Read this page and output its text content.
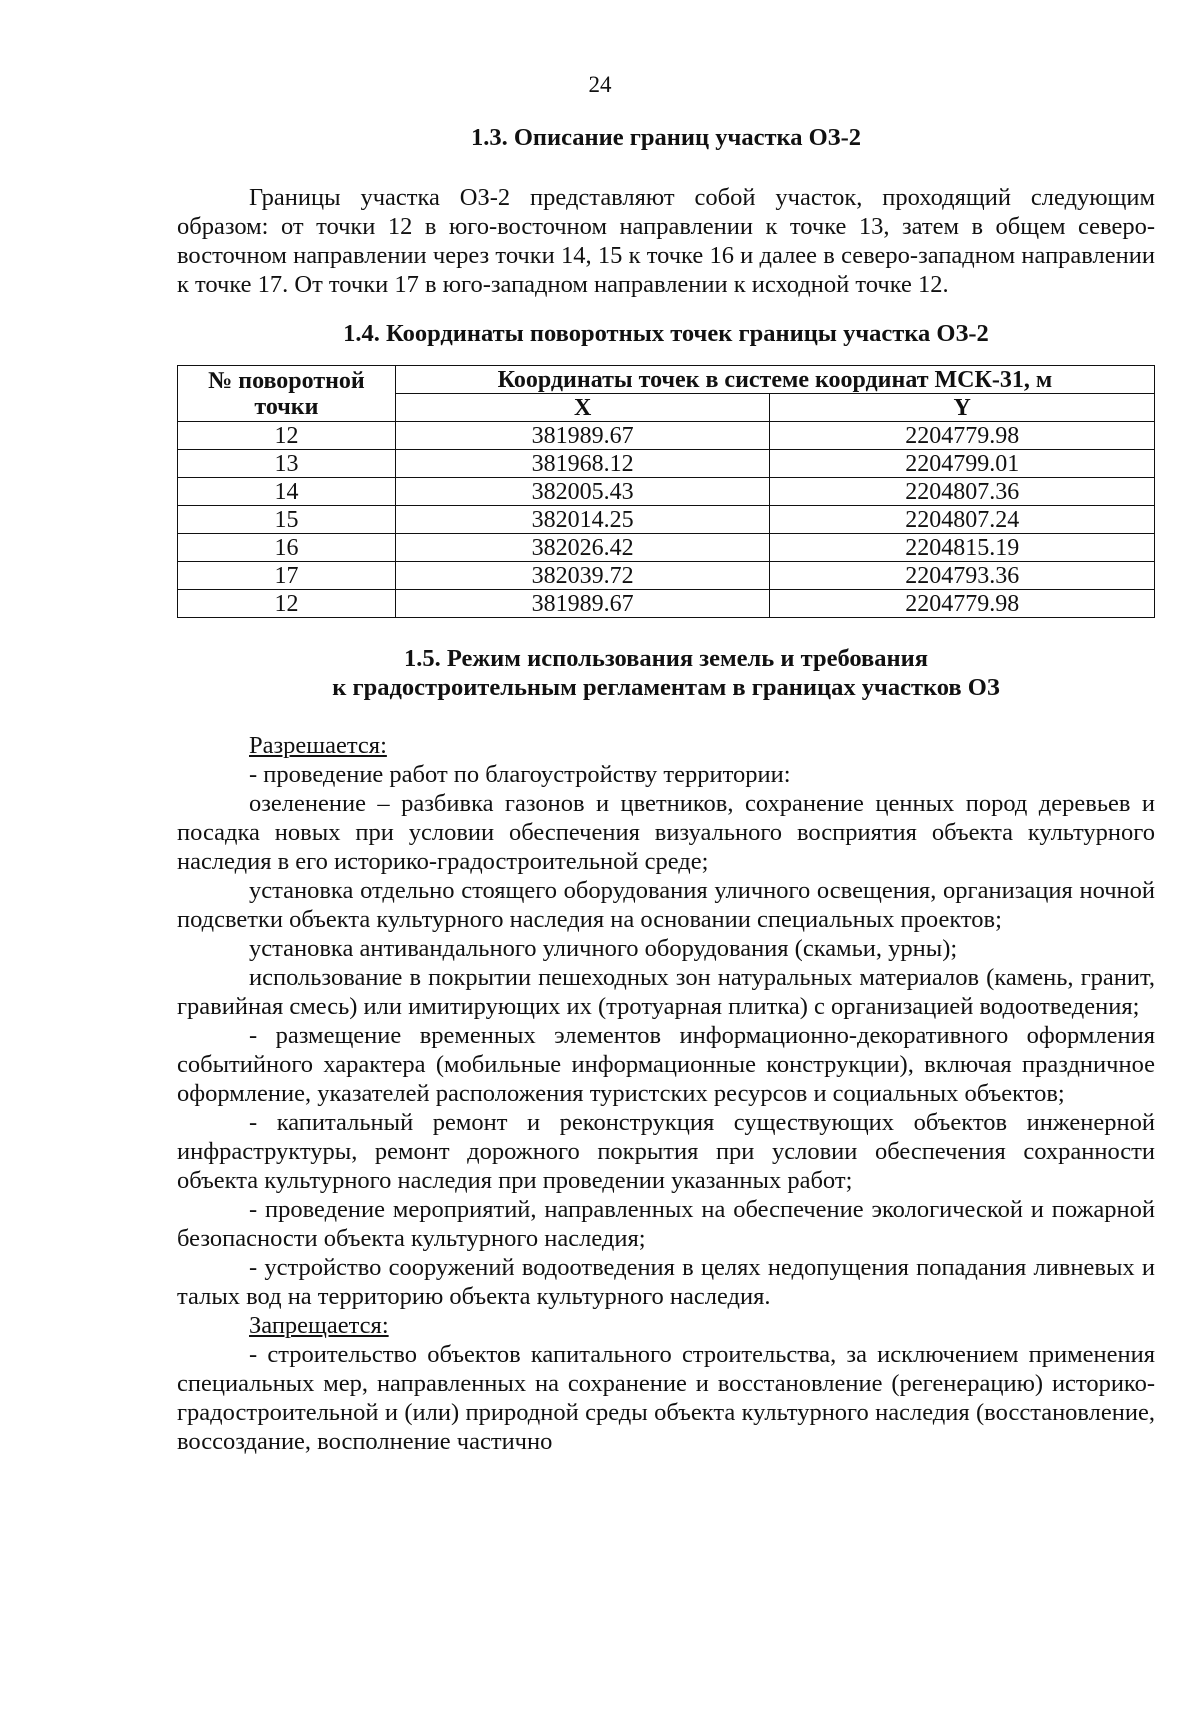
24
1.3. Описание границ участка ОЗ-2

Границы участка ОЗ-2 представляют собой участок, проходящий следующим образом: от точки 12 в юго-восточном направлении к точке 13, затем в общем северо-восточном направлении через точки 14, 15 к точке 16 и далее в северо-западном направлении к точке 17. От точки 17 в юго-западном направлении к исходной точке 12.

1.4. Координаты поворотных точек границы участка ОЗ-2
№ поворотной точки	Координаты точек в системе координат МСК-31, м	
	X	Y
12	381989.67	2204779.98
13	381968.12	2204799.01
14	382005.43	2204807.36
15	382014.25	2204807.24
16	382026.42	2204815.19
17	382039.72	2204793.36
12	381989.67	2204779.98
1.5. Режим использования земель и требования
к градостроительным регламентам в границах участков ОЗ

Разрешается:

- проведение работ по благоустройству территории:

озеленение – разбивка газонов и цветников, сохранение ценных пород деревьев и посадка новых при условии обеспечения визуального восприятия объекта культурного наследия в его историко-градостроительной среде;

установка отдельно стоящего оборудования уличного освещения, организация ночной подсветки объекта культурного наследия на основании специальных проектов;

установка антивандального уличного оборудования (скамьи, урны);

использование в покрытии пешеходных зон натуральных материалов (камень, гранит, гравийная смесь) или имитирующих их (тротуарная плитка) с организацией водоотведения;

- размещение временных элементов информационно-декоративного оформления событийного характера (мобильные информационные конструкции), включая праздничное оформление, указателей расположения туристских ресурсов и социальных объектов;

- капитальный ремонт и реконструкция существующих объектов инженерной инфраструктуры, ремонт дорожного покрытия при условии обеспечения сохранности объекта культурного наследия при проведении указанных работ;

- проведение мероприятий, направленных на обеспечение экологической и пожарной безопасности объекта культурного наследия;

- устройство сооружений водоотведения в целях недопущения попадания ливневых и талых вод на территорию объекта культурного наследия.

Запрещается:

- строительство объектов капитального строительства, за исключением применения специальных мер, направленных на сохранение и восстановление (регенерацию) историко-градостроительной и (или) природной среды объекта культурного наследия (восстановление, воссоздание, восполнение частично
